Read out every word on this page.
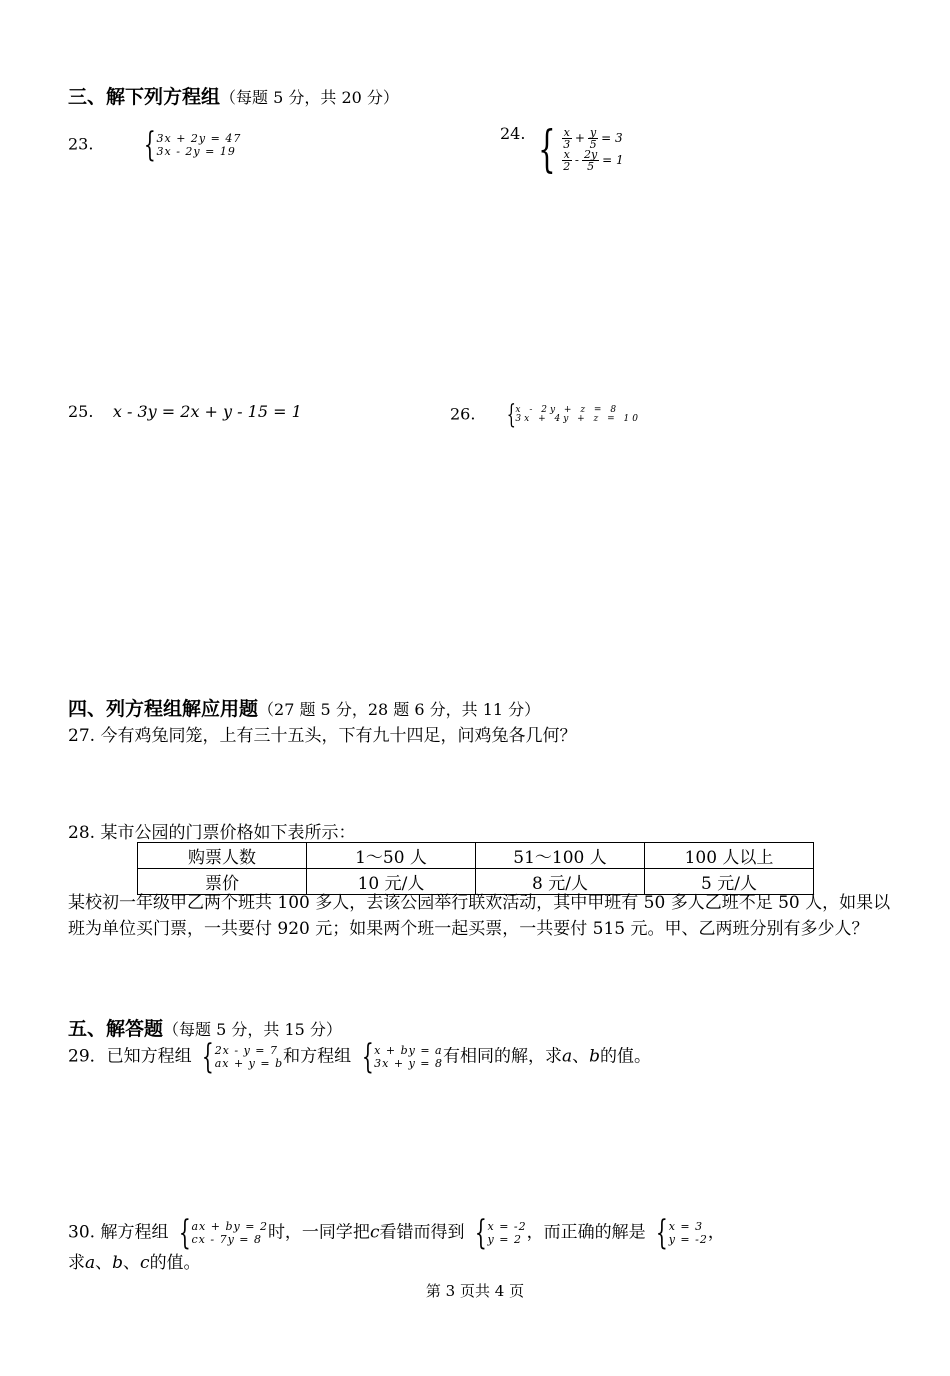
三、解下列方程组（每题 5 分，共 20 分）
23. { 3x + 2y = 47
3x - 2y = 19
24. { $\frac{x}{3} + \frac{y}{5} = 3$
$\frac{x}{2} - \frac{2y}{5} = 1$
25. x - 3y = 2x + y - 15 = 1	26. { x - 2y + z = 8
3x + 4y + z = 10
四、列方程组解应用题（27 题 5 分，28 题 6 分，共 11 分）
27. 今有鸡兔同笼，上有三十五头，下有九十四足，问鸡兔各几何？
28. 某市公园的门票价格如下表所示：
购票人数	1～50 人	51～100 人	100 人以上
票价	10 元/人	8 元/人	5 元/人
某校初一年级甲乙两个班共 100 多人，去该公园举行联欢活动，其中甲班有 50 多人乙班不足 50 人，如果以班为单位买门票，一共要付 920 元；如果两个班一起买票，一共要付 515 元。甲、乙两班分别有多少人？
五、解答题（每题 5 分，共 15 分）
29．已知方程组 { 2x - y = 7
ax + y = b 和方程组 { x + by = a
3x + y = 8 有相同的解，求a、b的值。
30. 解方程组 { ax + by = 2
cx - 7y = 8 时，一同学把c看错而得到 { x = -2
y = 2 ，而正确的解是 { x = 3
y = -2 ，
求a、b、c的值。
第 3 页共 4 页
